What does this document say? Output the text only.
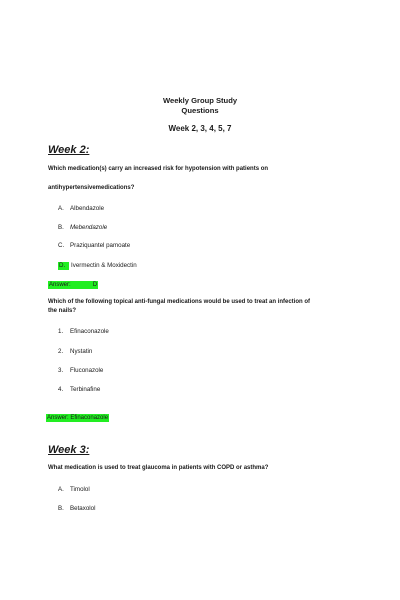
Weekly Group Study
Questions
Week 2, 3, 4, 5, 7
Week 2:
Which medication(s) carry an increased risk for hypotension with patients on
antihypertensivemedications?
A. Albendazole
B. Mebendazole
C. Praziquantel pamoate
D. Ivermectin & Moxidectin
Answer:	D
Which of the following topical anti-fungal medications would be used to treat an infection of
the nails?
1. Efinaconazole
2. Nystatin
3. Fluconazole
4. Terbinafine
Answer: Efinaconazole
Week 3:
What medication is used to treat glaucoma in patients with COPD or asthma?
A. Timolol
B. Betaxolol
